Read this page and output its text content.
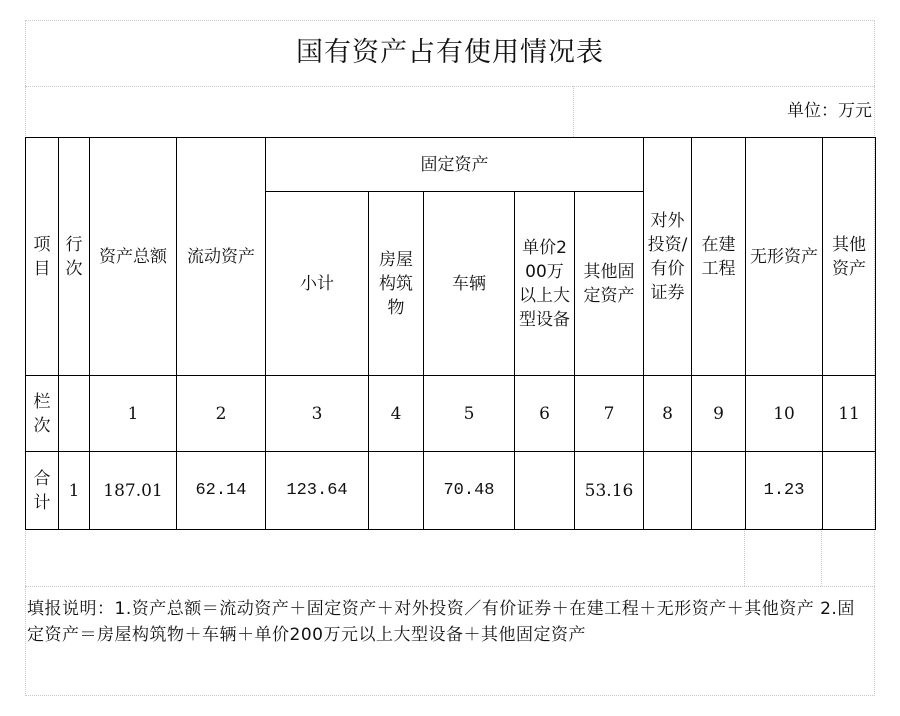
国有资产占有使用情况表
单位：万元
项目	行次	资产总额	流动资产	固定资产					对外投资/有价证券	在建工程	无形资产	其他资产
				小计	房屋构筑物	车辆	单价200万以上大型设备	其他固定资产				
栏次		1	2	3	4	5	6	7	8	9	10	11
合计	1	187.01	62.14	123.64		70.48		53.16			1.23	
填报说明：1.资产总额＝流动资产＋固定资产＋对外投资／有价证券＋在建工程＋无形资产＋其他资产 2.固定资产＝房屋构筑物＋车辆＋单价200万元以上大型设备＋其他固定资产
